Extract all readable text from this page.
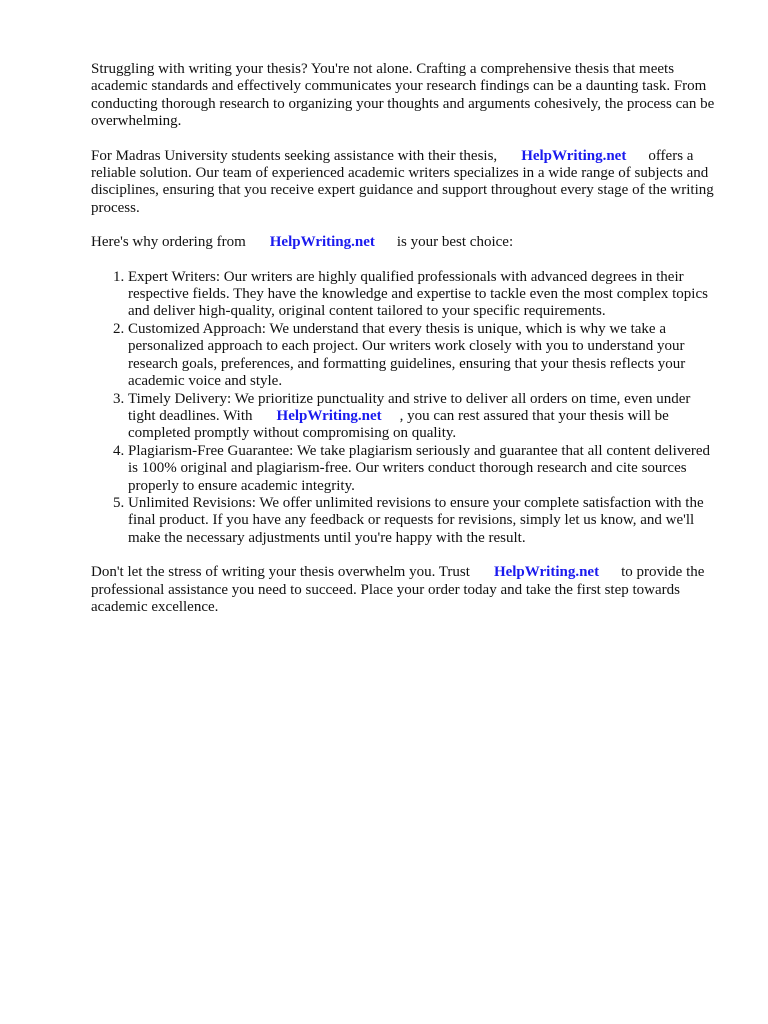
Struggling with writing your thesis? You're not alone. Crafting a comprehensive thesis that meets academic standards and effectively communicates your research findings can be a daunting task. From conducting thorough research to organizing your thoughts and arguments cohesively, the process can be overwhelming.

For Madras University students seeking assistance with their thesis, HelpWriting.net offers a reliable solution. Our team of experienced academic writers specializes in a wide range of subjects and disciplines, ensuring that you receive expert guidance and support throughout every stage of the writing process.

Here's why ordering from HelpWriting.net is your best choice:

1. Expert Writers: Our writers are highly qualified professionals with advanced degrees in their respective fields. They have the knowledge and expertise to tackle even the most complex topics and deliver high-quality, original content tailored to your specific requirements.
2. Customized Approach: We understand that every thesis is unique, which is why we take a personalized approach to each project. Our writers work closely with you to understand your research goals, preferences, and formatting guidelines, ensuring that your thesis reflects your academic voice and style.
3. Timely Delivery: We prioritize punctuality and strive to deliver all orders on time, even under tight deadlines. With HelpWriting.net , you can rest assured that your thesis will be completed promptly without compromising on quality.
4. Plagiarism-Free Guarantee: We take plagiarism seriously and guarantee that all content delivered is 100% original and plagiarism-free. Our writers conduct thorough research and cite sources properly to ensure academic integrity.
5. Unlimited Revisions: We offer unlimited revisions to ensure your complete satisfaction with the final product. If you have any feedback or requests for revisions, simply let us know, and we'll make the necessary adjustments until you're happy with the result.

Don't let the stress of writing your thesis overwhelm you. Trust HelpWriting.net to provide the professional assistance you need to succeed. Place your order today and take the first step towards academic excellence.
